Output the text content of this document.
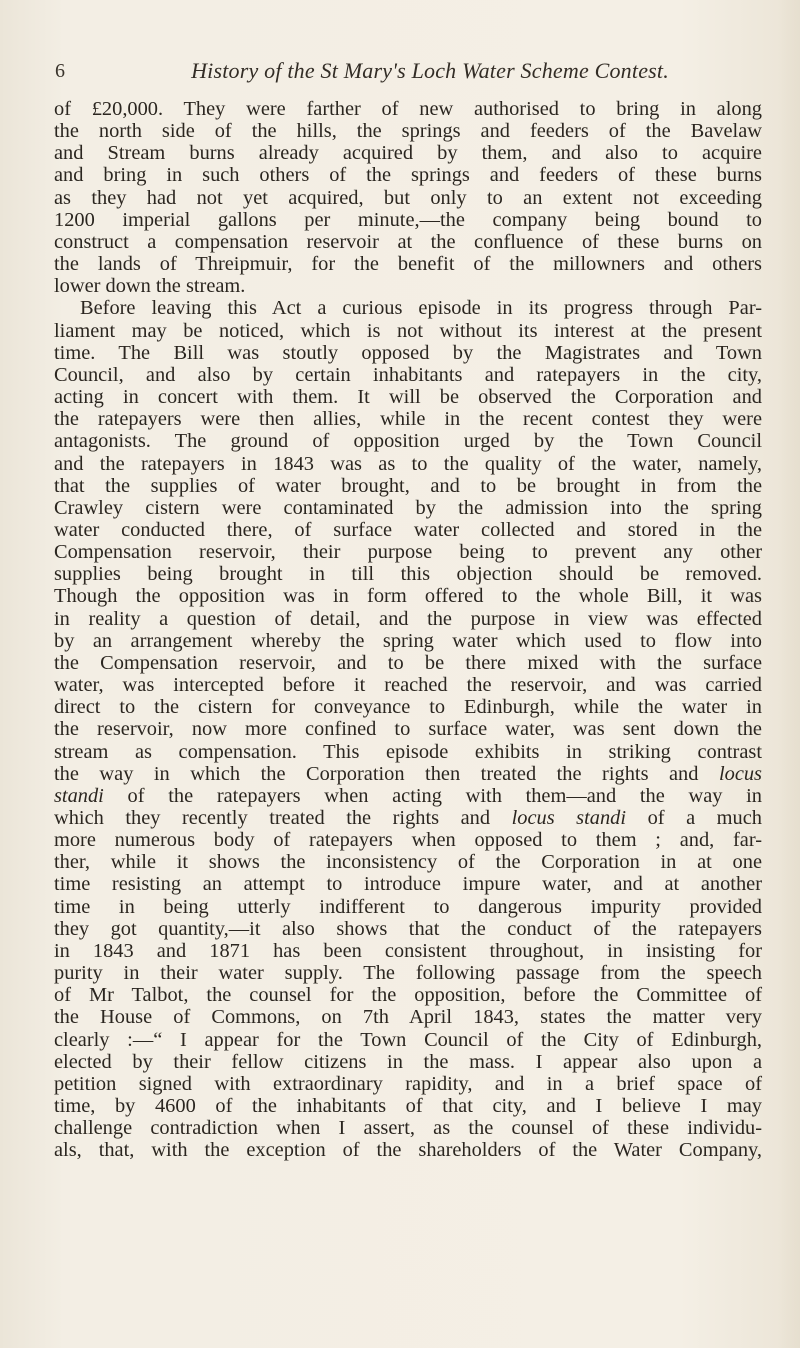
6	History of the St Mary's Loch Water Scheme Contest.

of £20,000. They were farther of new authorised to bring in along
the north side of the hills, the springs and feeders of the Bavelaw
and Stream burns already acquired by them, and also to acquire
and bring in such others of the springs and feeders of these burns
as they had not yet acquired, but only to an extent not exceeding
1200 imperial gallons per minute,—the company being bound to
construct a compensation reservoir at the confluence of these burns on
the lands of Threipmuir, for the benefit of the millowners and others
lower down the stream.

Before leaving this Act a curious episode in its progress through Par-
liament may be noticed, which is not without its interest at the present
time. The Bill was stoutly opposed by the Magistrates and Town
Council, and also by certain inhabitants and ratepayers in the city,
acting in concert with them. It will be observed the Corporation and
the ratepayers were then allies, while in the recent contest they were
antagonists. The ground of opposition urged by the Town Council
and the ratepayers in 1843 was as to the quality of the water, namely,
that the supplies of water brought, and to be brought in from the
Crawley cistern were contaminated by the admission into the spring
water conducted there, of surface water collected and stored in the
Compensation reservoir, their purpose being to prevent any other
supplies being brought in till this objection should be removed.
Though the opposition was in form offered to the whole Bill, it was
in reality a question of detail, and the purpose in view was effected
by an arrangement whereby the spring water which used to flow into
the Compensation reservoir, and to be there mixed with the surface
water, was intercepted before it reached the reservoir, and was carried
direct to the cistern for conveyance to Edinburgh, while the water in
the reservoir, now more confined to surface water, was sent down the
stream as compensation. This episode exhibits in striking contrast
the way in which the Corporation then treated the rights and locus
standi of the ratepayers when acting with them—and the way in
which they recently treated the rights and locus standi of a much
more numerous body of ratepayers when opposed to them ; and, far-
ther, while it shows the inconsistency of the Corporation in at one
time resisting an attempt to introduce impure water, and at another
time in being utterly indifferent to dangerous impurity provided
they got quantity,—it also shows that the conduct of the ratepayers
in 1843 and 1871 has been consistent throughout, in insisting for
purity in their water supply. The following passage from the speech
of Mr Talbot, the counsel for the opposition, before the Committee of
the House of Commons, on 7th April 1843, states the matter very
clearly :—“ I appear for the Town Council of the City of Edinburgh,
elected by their fellow citizens in the mass. I appear also upon a
petition signed with extraordinary rapidity, and in a brief space of
time, by 4600 of the inhabitants of that city, and I believe I may
challenge contradiction when I assert, as the counsel of these individu-
als, that, with the exception of the shareholders of the Water Company,
